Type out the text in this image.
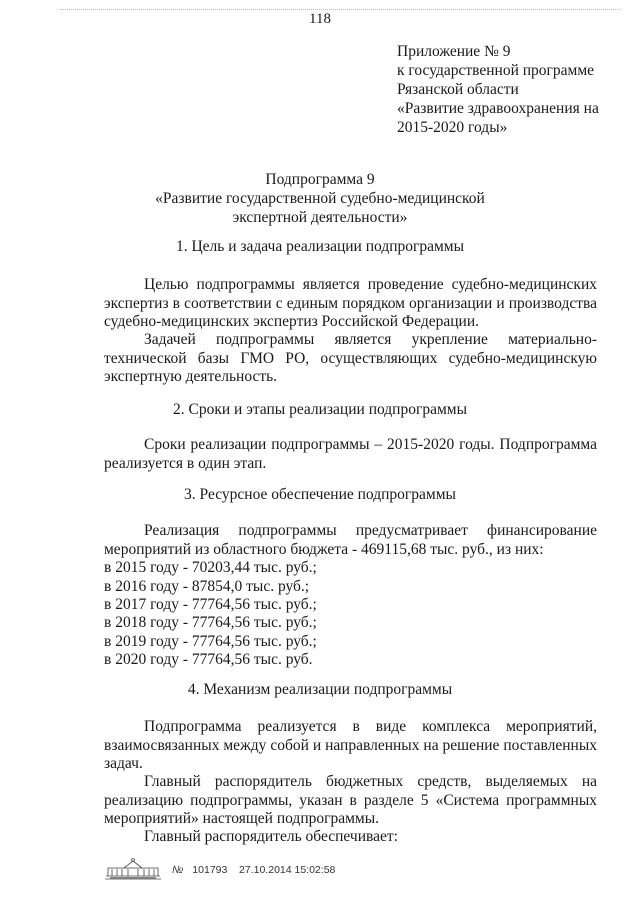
118
Приложение № 9
к государственной программе
Рязанской области
«Развитие здравоохранения на
2015-2020 годы»
Подпрограмма 9
«Развитие государственной судебно-медицинской
экспертной деятельности»
1. Цель и задача реализации подпрограммы
Целью подпрограммы является проведение судебно-медицинских экспертиз в соответствии с единым порядком организации и производства судебно-медицинских экспертиз Российской Федерации.
Задачей подпрограммы является укрепление материально-технической базы ГМО РО, осуществляющих судебно-медицинскую экспертную деятельность.
2. Сроки и этапы реализации подпрограммы
Сроки реализации подпрограммы – 2015-2020 годы. Подпрограмма реализуется в один этап.
3. Ресурсное обеспечение подпрограммы
Реализация подпрограммы предусматривает финансирование мероприятий из областного бюджета - 469115,68 тыс. руб., из них:
в 2015 году - 70203,44 тыс. руб.;
в 2016 году - 87854,0 тыс. руб.;
в 2017 году - 77764,56 тыс. руб.;
в 2018 году - 77764,56 тыс. руб.;
в 2019 году - 77764,56 тыс. руб.;
в 2020 году - 77764,56 тыс. руб.
4. Механизм реализации подпрограммы
Подпрограмма реализуется в виде комплекса мероприятий, взаимосвязанных между собой и направленных на решение поставленных задач.
Главный распорядитель бюджетных средств, выделяемых на реализацию подпрограммы, указан в разделе 5 «Система программных мероприятий» настоящей подпрограммы.
Главный распорядитель обеспечивает:
№ 101793 27.10.2014 15:02:58
